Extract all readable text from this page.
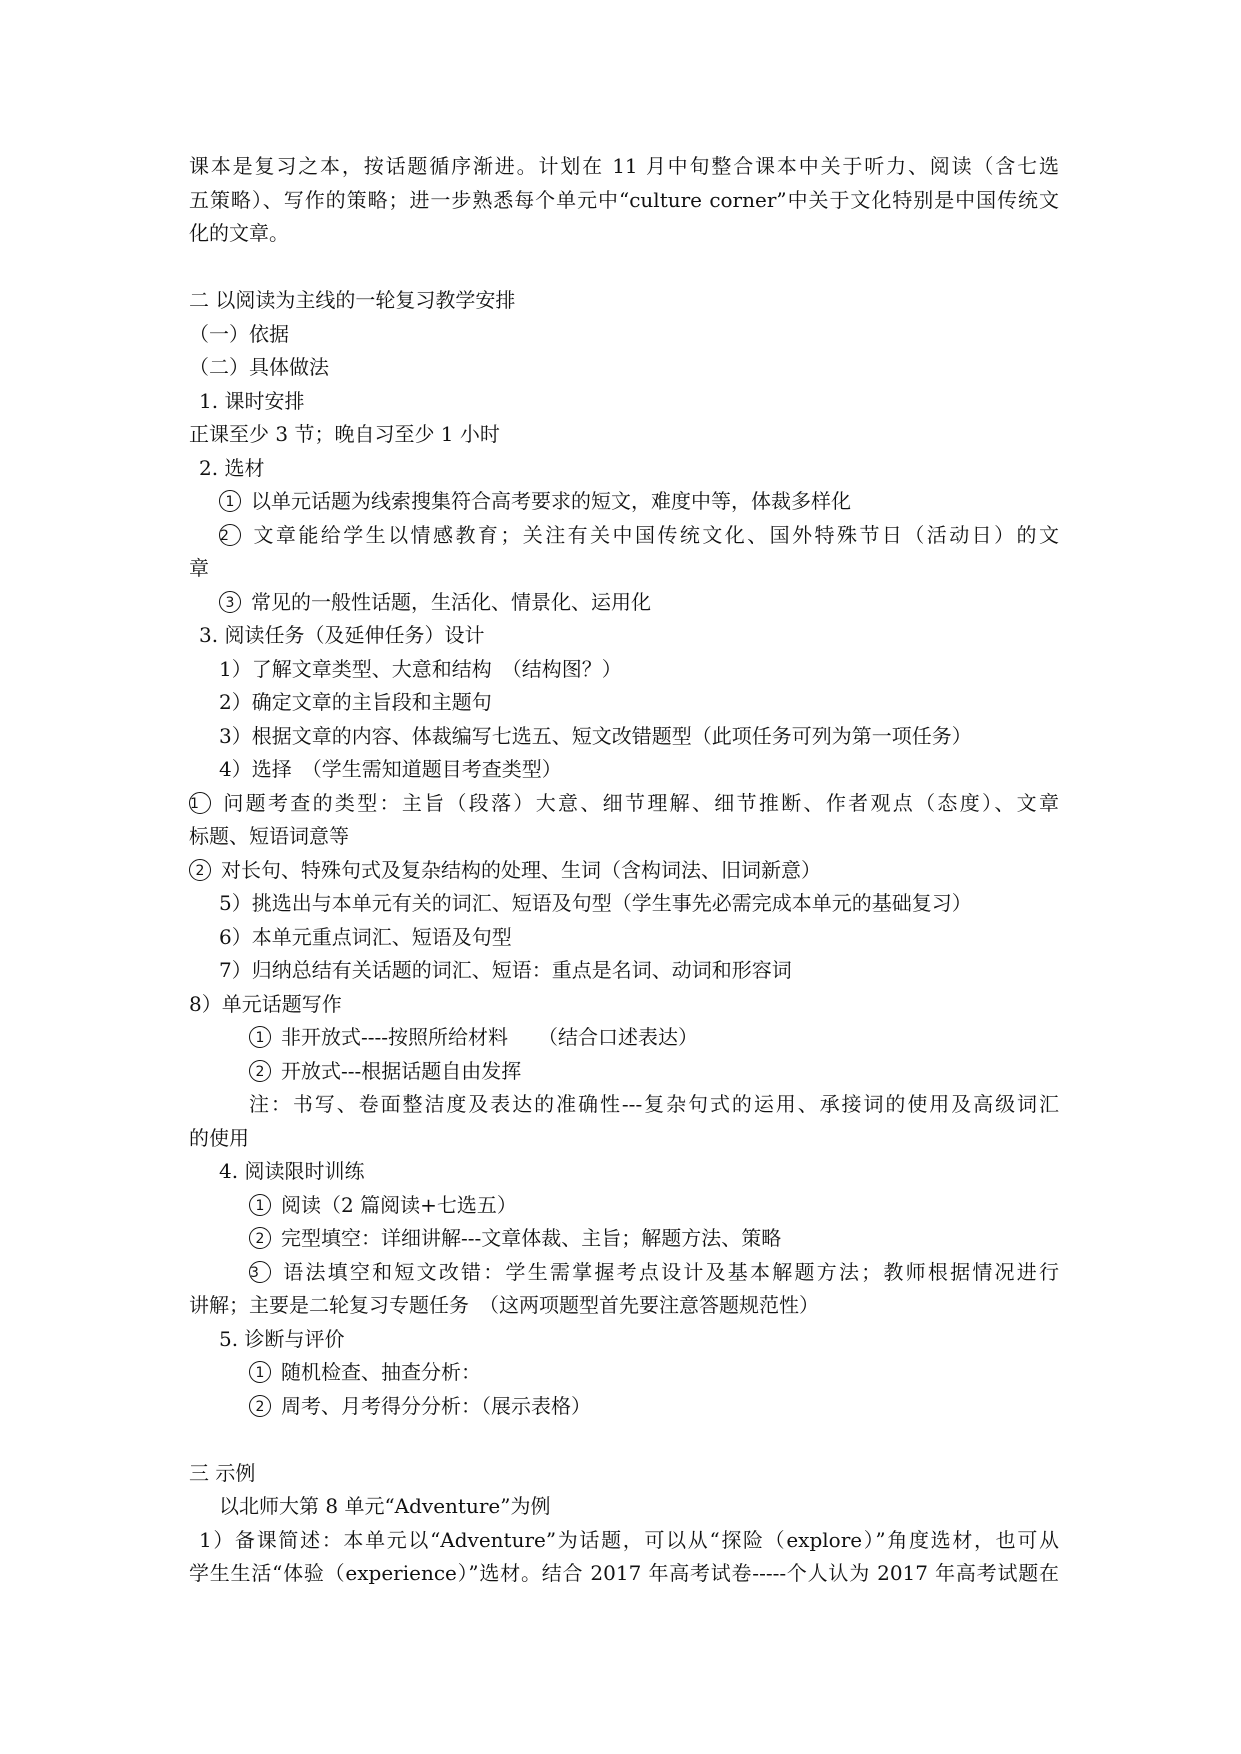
课本是复习之本，按话题循序渐进。计划在 11 月中旬整合课本中关于听力、阅读（含七选
五策略）、写作的策略；进一步熟悉每个单元中“culture corner”中关于文化特别是中国传统文
化的文章。
二 以阅读为主线的一轮复习教学安排
（一）依据
（二）具体做法
1. 课时安排
正课至少 3 节；晚自习至少 1 小时
2. 选材
1 以单元话题为线索搜集符合高考要求的短文，难度中等，体裁多样化
2 文章能给学生以情感教育；关注有关中国传统文化、国外特殊节日（活动日）的文
章
3 常见的一般性话题，生活化、情景化、运用化
3. 阅读任务（及延伸任务）设计
1）了解文章类型、大意和结构　（结构图？）
2）确定文章的主旨段和主题句
3）根据文章的内容、体裁编写七选五、短文改错题型（此项任务可列为第一项任务）
4）选择　（学生需知道题目考查类型）
1 问题考查的类型：主旨（段落）大意、细节理解、细节推断、作者观点（态度）、文章
标题、短语词意等
2 对长句、特殊句式及复杂结构的处理、生词（含构词法、旧词新意）
5）挑选出与本单元有关的词汇、短语及句型（学生事先必需完成本单元的基础复习）
6）本单元重点词汇、短语及句型
7）归纳总结有关话题的词汇、短语：重点是名词、动词和形容词
8）单元话题写作
1 非开放式----按照所给材料　　（结合口述表达）
2 开放式---根据话题自由发挥
注：书写、卷面整洁度及表达的准确性---复杂句式的运用、承接词的使用及高级词汇
的使用
4. 阅读限时训练
1 阅读（2 篇阅读+七选五）
2 完型填空：详细讲解---文章体裁、主旨；解题方法、策略
3 语法填空和短文改错：学生需掌握考点设计及基本解题方法；教师根据情况进行
讲解；主要是二轮复习专题任务　（这两项题型首先要注意答题规范性）
5. 诊断与评价
1 随机检查、抽查分析：
2 周考、月考得分分析：（展示表格）
三 示例
以北师大第 8 单元“Adventure”为例
1）备课简述：本单元以“Adventure”为话题，可以从“探险（explore）”角度选材，也可从
学生生活“体验（experience）”选材。结合 2017 年高考试卷-----个人认为 2017 年高考试题在
